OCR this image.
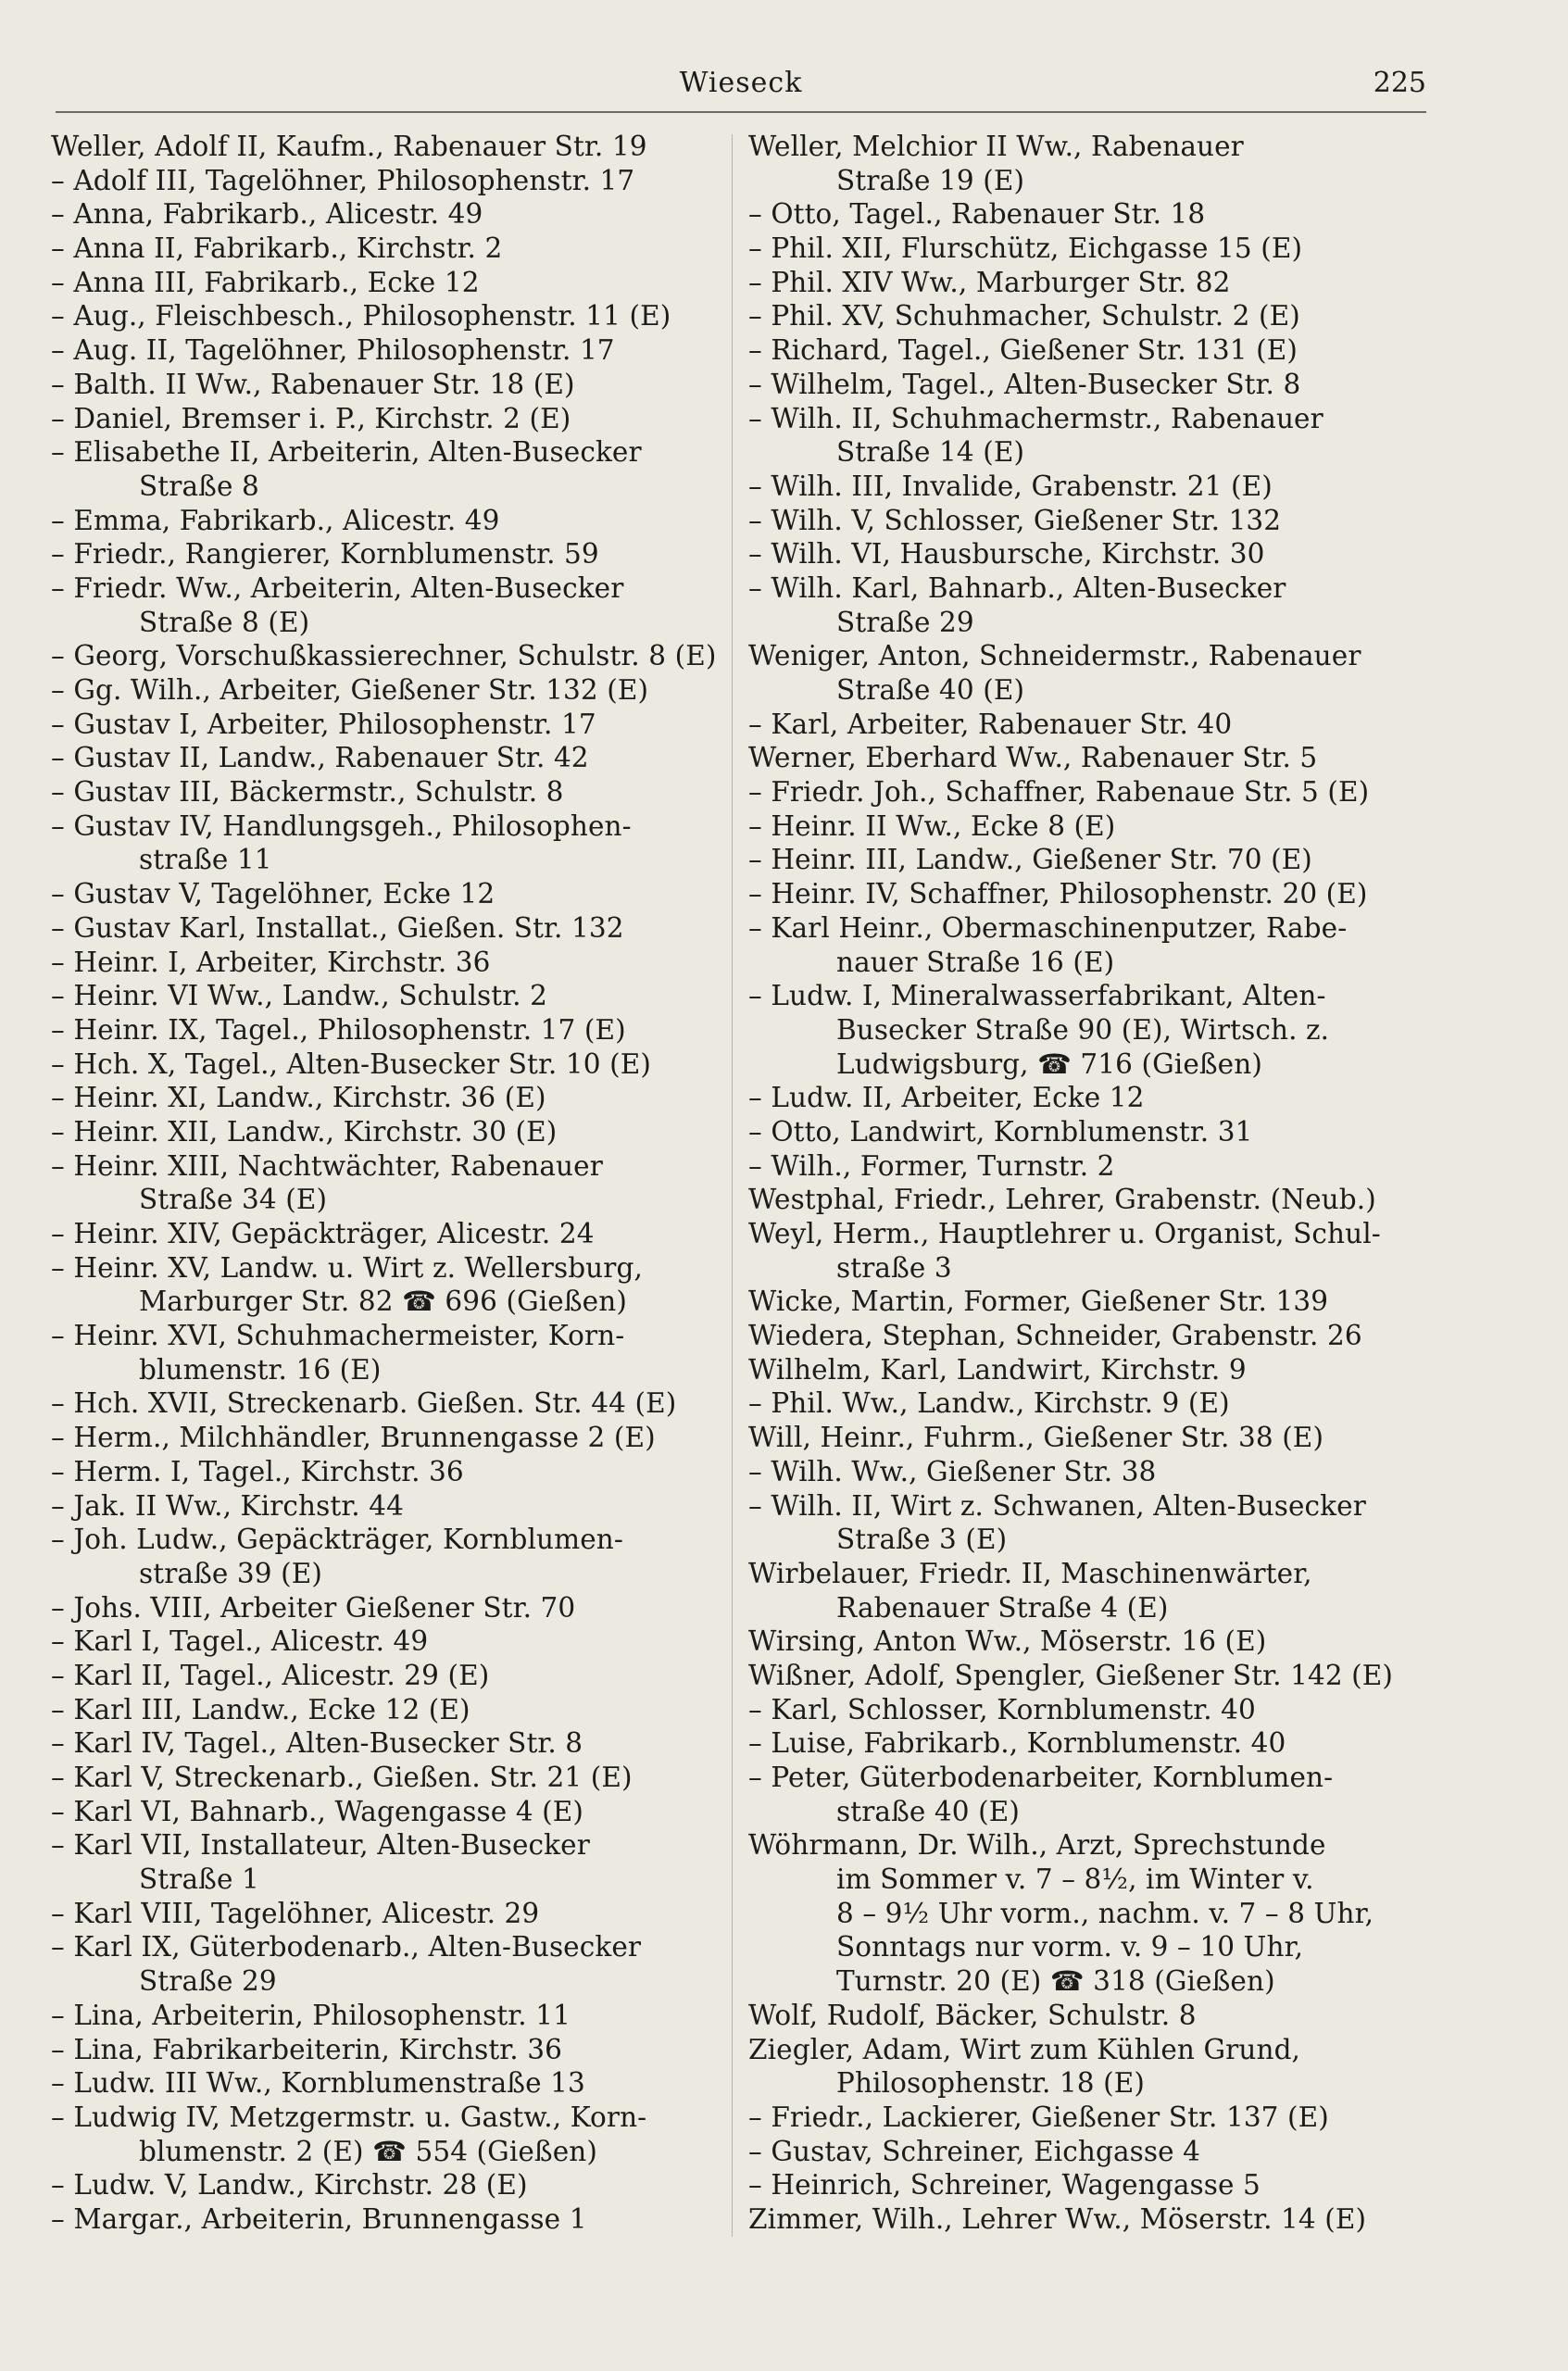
Wieseck	225
Weller, Adolf II, Kaufm., Rabenauer Str. 19
– Adolf III, Tagelöhner, Philosophenstr. 17
– Anna, Fabrikarb., Alicestr. 49
– Anna II, Fabrikarb., Kirchstr. 2
– Anna III, Fabrikarb., Ecke 12
– Aug., Fleischbesch., Philosophenstr. 11 (E)
– Aug. II, Tagelöhner, Philosophenstr. 17
– Balth. II Ww., Rabenauer Str. 18 (E)
– Daniel, Bremser i. P., Kirchstr. 2 (E)
– Elisabethe II, Arbeiterin, Alten-Busecker
Straße 8
– Emma, Fabrikarb., Alicestr. 49
– Friedr., Rangierer, Kornblumenstr. 59
– Friedr. Ww., Arbeiterin, Alten-Busecker
Straße 8 (E)
– Georg, Vorschußkassierechner, Schulstr. 8 (E)
– Gg. Wilh., Arbeiter, Gießener Str. 132 (E)
– Gustav I, Arbeiter, Philosophenstr. 17
– Gustav II, Landw., Rabenauer Str. 42
– Gustav III, Bäckermstr., Schulstr. 8
– Gustav IV, Handlungsgeh., Philosophen-
straße 11
– Gustav V, Tagelöhner, Ecke 12
– Gustav Karl, Installat., Gießen. Str. 132
– Heinr. I, Arbeiter, Kirchstr. 36
– Heinr. VI Ww., Landw., Schulstr. 2
– Heinr. IX, Tagel., Philosophenstr. 17 (E)
– Hch. X, Tagel., Alten-Busecker Str. 10 (E)
– Heinr. XI, Landw., Kirchstr. 36 (E)
– Heinr. XII, Landw., Kirchstr. 30 (E)
– Heinr. XIII, Nachtwächter, Rabenauer
Straße 34 (E)
– Heinr. XIV, Gepäckträger, Alicestr. 24
– Heinr. XV, Landw. u. Wirt z. Wellersburg,
Marburger Str. 82 ☎ 696 (Gießen)
– Heinr. XVI, Schuhmachermeister, Korn-
blumenstr. 16 (E)
– Hch. XVII, Streckenarb. Gießen. Str. 44 (E)
– Herm., Milchhändler, Brunnengasse 2 (E)
– Herm. I, Tagel., Kirchstr. 36
– Jak. II Ww., Kirchstr. 44
– Joh. Ludw., Gepäckträger, Kornblumen-
straße 39 (E)
– Johs. VIII, Arbeiter Gießener Str. 70
– Karl I, Tagel., Alicestr. 49
– Karl II, Tagel., Alicestr. 29 (E)
– Karl III, Landw., Ecke 12 (E)
– Karl IV, Tagel., Alten-Busecker Str. 8
– Karl V, Streckenarb., Gießen. Str. 21 (E)
– Karl VI, Bahnarb., Wagengasse 4 (E)
– Karl VII, Installateur, Alten-Busecker
Straße 1
– Karl VIII, Tagelöhner, Alicestr. 29
– Karl IX, Güterbodenarb., Alten-Busecker
Straße 29
– Lina, Arbeiterin, Philosophenstr. 11
– Lina, Fabrikarbeiterin, Kirchstr. 36
– Ludw. III Ww., Kornblumenstraße 13
– Ludwig IV, Metzgermstr. u. Gastw., Korn-
blumenstr. 2 (E) ☎ 554 (Gießen)
– Ludw. V, Landw., Kirchstr. 28 (E)
– Margar., Arbeiterin, Brunnengasse 1
Weller, Melchior II Ww., Rabenauer
Straße 19 (E)
– Otto, Tagel., Rabenauer Str. 18
– Phil. XII, Flurschütz, Eichgasse 15 (E)
– Phil. XIV Ww., Marburger Str. 82
– Phil. XV, Schuhmacher, Schulstr. 2 (E)
– Richard, Tagel., Gießener Str. 131 (E)
– Wilhelm, Tagel., Alten-Busecker Str. 8
– Wilh. II, Schuhmachermstr., Rabenauer
Straße 14 (E)
– Wilh. III, Invalide, Grabenstr. 21 (E)
– Wilh. V, Schlosser, Gießener Str. 132
– Wilh. VI, Hausbursche, Kirchstr. 30
– Wilh. Karl, Bahnarb., Alten-Busecker
Straße 29
Weniger, Anton, Schneidermstr., Rabenauer
Straße 40 (E)
– Karl, Arbeiter, Rabenauer Str. 40
Werner, Eberhard Ww., Rabenauer Str. 5
– Friedr. Joh., Schaffner, Rabenaue Str. 5 (E)
– Heinr. II Ww., Ecke 8 (E)
– Heinr. III, Landw., Gießener Str. 70 (E)
– Heinr. IV, Schaffner, Philosophenstr. 20 (E)
– Karl Heinr., Obermaschinenputzer, Rabe-
nauer Straße 16 (E)
– Ludw. I, Mineralwasserfabrikant, Alten-
Busecker Straße 90 (E), Wirtsch. z.
Ludwigsburg, ☎ 716 (Gießen)
– Ludw. II, Arbeiter, Ecke 12
– Otto, Landwirt, Kornblumenstr. 31
– Wilh., Former, Turnstr. 2
Westphal, Friedr., Lehrer, Grabenstr. (Neub.)
Weyl, Herm., Hauptlehrer u. Organist, Schul-
straße 3
Wicke, Martin, Former, Gießener Str. 139
Wiedera, Stephan, Schneider, Grabenstr. 26
Wilhelm, Karl, Landwirt, Kirchstr. 9
– Phil. Ww., Landw., Kirchstr. 9 (E)
Will, Heinr., Fuhrm., Gießener Str. 38 (E)
– Wilh. Ww., Gießener Str. 38
– Wilh. II, Wirt z. Schwanen, Alten-Busecker
Straße 3 (E)
Wirbelauer, Friedr. II, Maschinenwärter,
Rabenauer Straße 4 (E)
Wirsing, Anton Ww., Möserstr. 16 (E)
Wißner, Adolf, Spengler, Gießener Str. 142 (E)
– Karl, Schlosser, Kornblumenstr. 40
– Luise, Fabrikarb., Kornblumenstr. 40
– Peter, Güterbodenarbeiter, Kornblumen-
straße 40 (E)
Wöhrmann, Dr. Wilh., Arzt, Sprechstunde
im Sommer v. 7 – 8½, im Winter v.
8 – 9½ Uhr vorm., nachm. v. 7 – 8 Uhr,
Sonntags nur vorm. v. 9 – 10 Uhr,
Turnstr. 20 (E) ☎ 318 (Gießen)
Wolf, Rudolf, Bäcker, Schulstr. 8
Ziegler, Adam, Wirt zum Kühlen Grund,
Philosophenstr. 18 (E)
– Friedr., Lackierer, Gießener Str. 137 (E)
– Gustav, Schreiner, Eichgasse 4
– Heinrich, Schreiner, Wagengasse 5
Zimmer, Wilh., Lehrer Ww., Möserstr. 14 (E)
